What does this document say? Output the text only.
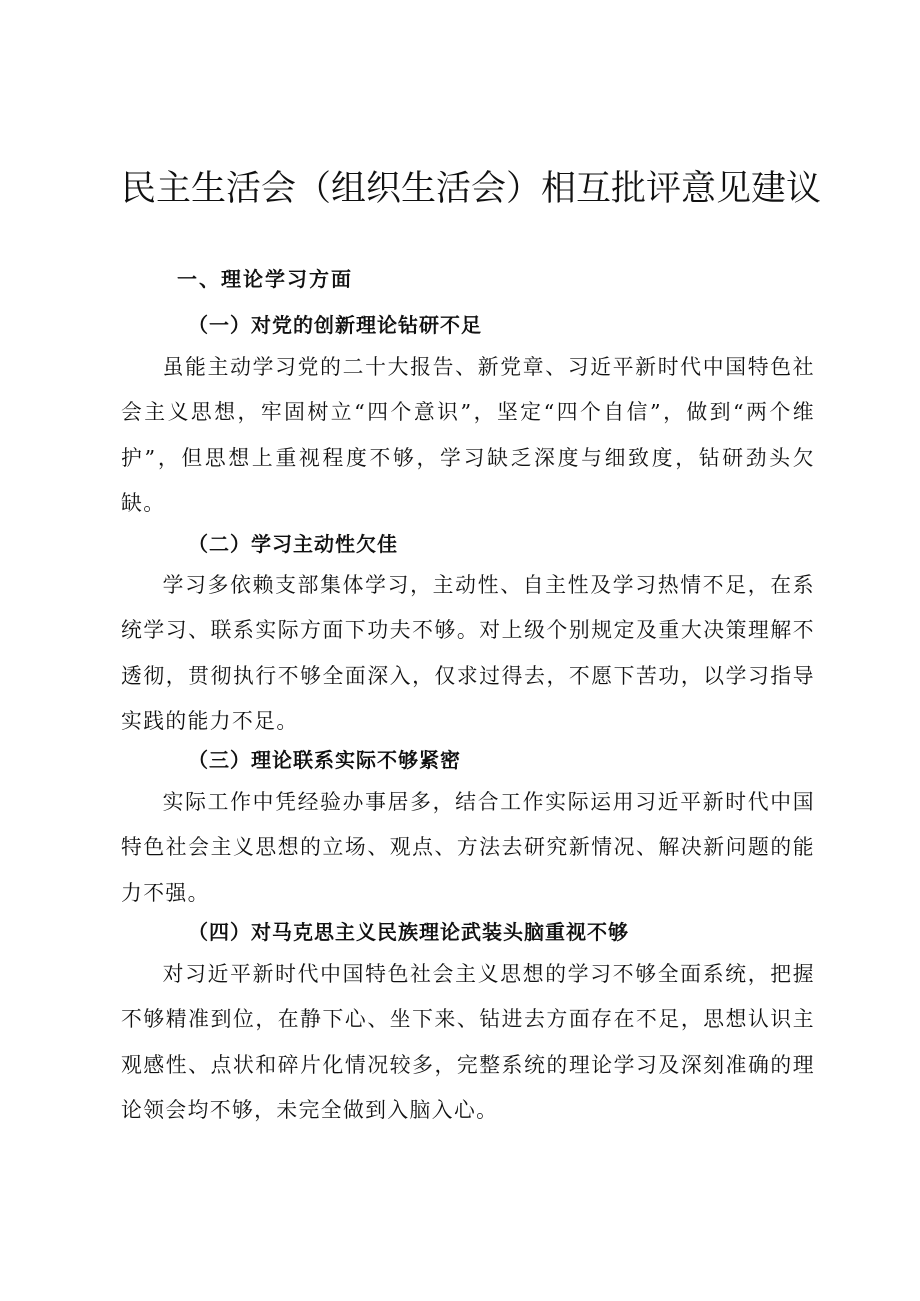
民主生活会（组织生活会）相互批评意见建议
一、理论学习方面
（一）对党的创新理论钻研不足

虽能主动学习党的二十大报告、新党章、习近平新时代中国特色社会主义思想，牢固树立“四个意识”，坚定“四个自信”，做到“两个维护”，但思想上重视程度不够，学习缺乏深度与细致度，钻研劲头欠缺。

（二）学习主动性欠佳

学习多依赖支部集体学习，主动性、自主性及学习热情不足，在系统学习、联系实际方面下功夫不够。对上级个别规定及重大决策理解不透彻，贯彻执行不够全面深入，仅求过得去，不愿下苦功，以学习指导实践的能力不足。

（三）理论联系实际不够紧密

实际工作中凭经验办事居多，结合工作实际运用习近平新时代中国特色社会主义思想的立场、观点、方法去研究新情况、解决新问题的能力不强。

（四）对马克思主义民族理论武装头脑重视不够

对习近平新时代中国特色社会主义思想的学习不够全面系统，把握不够精准到位，在静下心、坐下来、钻进去方面存在不足，思想认识主观感性、点状和碎片化情况较多，完整系统的理论学习及深刻准确的理论领会均不够，未完全做到入脑入心。
